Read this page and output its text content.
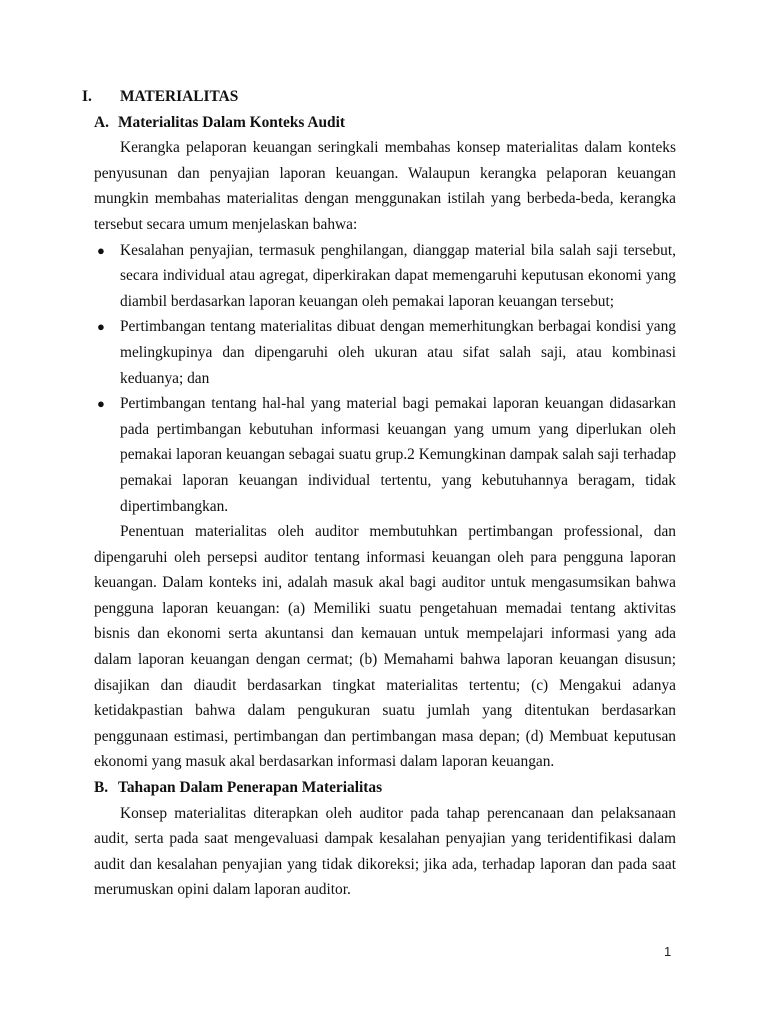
I.	MATERIALITAS
A. Materialitas Dalam Konteks Audit

Kerangka pelaporan keuangan seringkali membahas konsep materialitas dalam konteks penyusunan dan penyajian laporan keuangan. Walaupun kerangka pelaporan keuangan mungkin membahas materialitas dengan menggunakan istilah yang berbeda-beda, kerangka tersebut secara umum menjelaskan bahwa:

● Kesalahan penyajian, termasuk penghilangan, dianggap material bila salah saji tersebut, secara individual atau agregat, diperkirakan dapat memengaruhi keputusan ekonomi yang diambil berdasarkan laporan keuangan oleh pemakai laporan keuangan tersebut;
● Pertimbangan tentang materialitas dibuat dengan memerhitungkan berbagai kondisi yang melingkupinya dan dipengaruhi oleh ukuran atau sifat salah saji, atau kombinasi keduanya; dan
● Pertimbangan tentang hal-hal yang material bagi pemakai laporan keuangan didasarkan pada pertimbangan kebutuhan informasi keuangan yang umum yang diperlukan oleh pemakai laporan keuangan sebagai suatu grup.2 Kemungkinan dampak salah saji terhadap pemakai laporan keuangan individual tertentu, yang kebutuhannya beragam, tidak dipertimbangkan.

Penentuan materialitas oleh auditor membutuhkan pertimbangan professional, dan dipengaruhi oleh persepsi auditor tentang informasi keuangan oleh para pengguna laporan keuangan. Dalam konteks ini, adalah masuk akal bagi auditor untuk mengasumsikan bahwa pengguna laporan keuangan: (a) Memiliki suatu pengetahuan memadai tentang aktivitas bisnis dan ekonomi serta akuntansi dan kemauan untuk mempelajari informasi yang ada dalam laporan keuangan dengan cermat; (b) Memahami bahwa laporan keuangan disusun; disajikan dan diaudit berdasarkan tingkat materialitas tertentu; (c) Mengakui adanya ketidakpastian bahwa dalam pengukuran suatu jumlah yang ditentukan berdasarkan penggunaan estimasi, pertimbangan dan pertimbangan masa depan; (d) Membuat keputusan ekonomi yang masuk akal berdasarkan informasi dalam laporan keuangan.

B. Tahapan Dalam Penerapan Materialitas

Konsep materialitas diterapkan oleh auditor pada tahap perencanaan dan pelaksanaan audit, serta pada saat mengevaluasi dampak kesalahan penyajian yang teridentifikasi dalam audit dan kesalahan penyajian yang tidak dikoreksi; jika ada, terhadap laporan dan pada saat merumuskan opini dalam laporan auditor.

1
